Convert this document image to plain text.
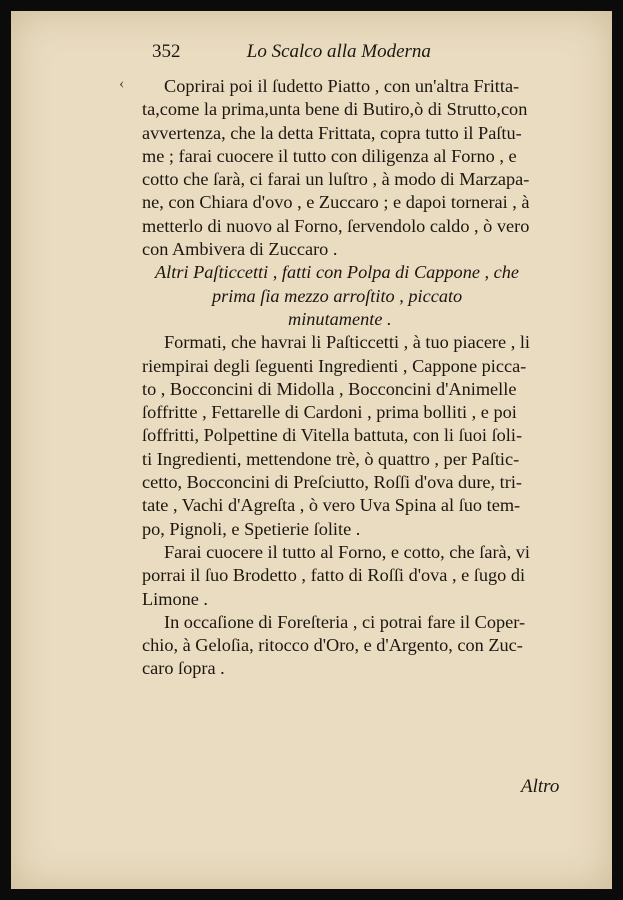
352	Lo Scalco alla Moderna
‹	Coprirai poi il ſudetto Piatto , con un'altra Fritta-
ta,come la prima,unta bene di Butiro,ò di Strutto,con
avvertenza, che la detta Frittata, copra tutto il Paſtu-
me ; farai cuocere il tutto con diligenza al Forno , e
cotto che ſarà, ci farai un luſtro , à modo di Marzapa-
ne, con Chiara d'ovo , e Zuccaro ; e dapoi tornerai , à
metterlo di nuovo al Forno, ſervendolo caldo , ò vero
con Ambivera di Zuccaro .
Altri Paſticcetti , fatti con Polpa di Cappone , che
prima ſia mezzo arroſtito , piccato
minutamente .
Formati, che havrai li Paſticcetti , à tuo piacere , li
riempirai degli ſeguenti Ingredienti , Cappone picca-
to , Bocconcini di Midolla , Bocconcini d'Animelle
ſoffritte , Fettarelle di Cardoni , prima bolliti , e poi
ſoffritti, Polpettine di Vitella battuta, con li ſuoi ſoli-
ti Ingredienti, mettendone trè, ò quattro , per Paſtic-
cetto, Bocconcini di Preſciutto, Roſſi d'ova dure, tri-
tate , Vachi d'Agreſta , ò vero Uva Spina al ſuo tem-
po, Pignoli, e Spetierie ſolite .
Farai cuocere il tutto al Forno, e cotto, che ſarà, vi
porrai il ſuo Brodetto , fatto di Roſſi d'ova , e ſugo di
Limone .
In occaſione di Foreſteria , ci potrai fare il Coper-
chio, à Geloſia, ritocco d'Oro, e d'Argento, con Zuc-
caro ſopra .
Altro
